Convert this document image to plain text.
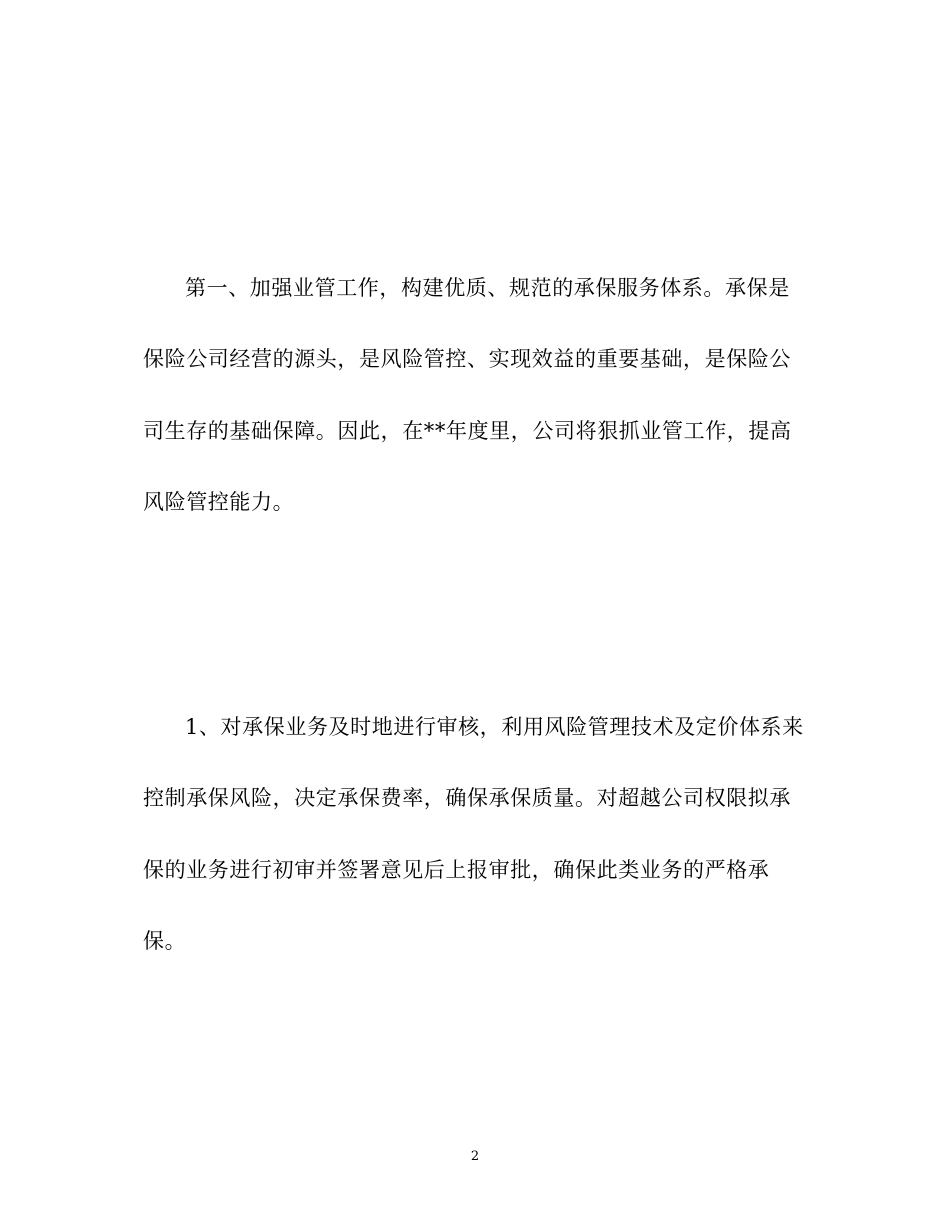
第一、加强业管工作，构建优质、规范的承保服务体系。承保是
保险公司经营的源头，是风险管控、实现效益的重要基础，是保险公
司生存的基础保障。因此，在**年度里，公司将狠抓业管工作，提高
风险管控能力。
1、对承保业务及时地进行审核，利用风险管理技术及定价体系来
控制承保风险，决定承保费率，确保承保质量。对超越公司权限拟承
保的业务进行初审并签署意见后上报审批，确保此类业务的严格承
保。
2
